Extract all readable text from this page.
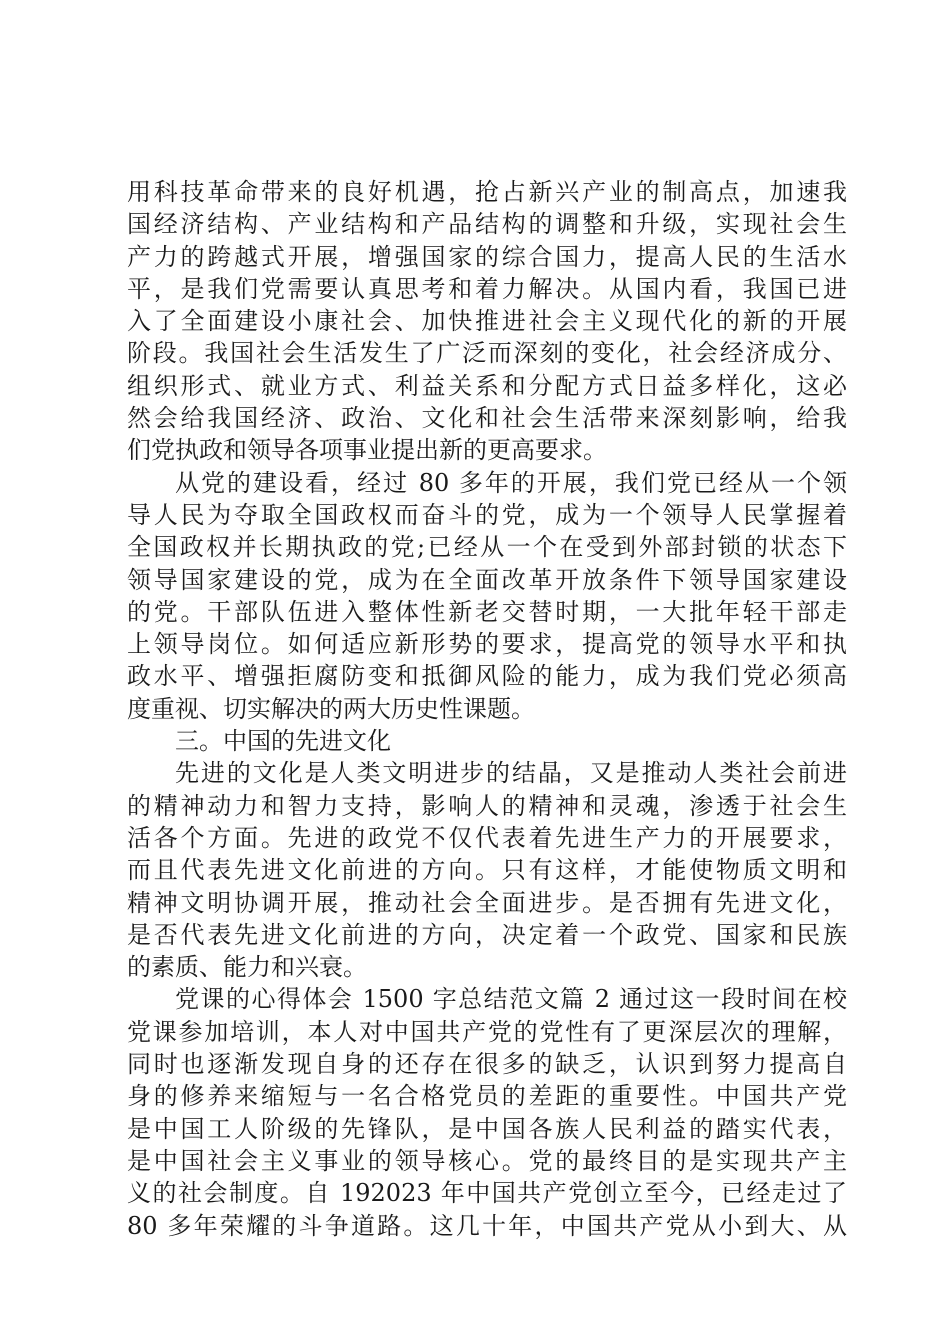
用科技革命带来的良好机遇，抢占新兴产业的制高点，加速我
国经济结构、产业结构和产品结构的调整和升级，实现社会生
产力的跨越式开展，增强国家的综合国力，提高人民的生活水
平，是我们党需要认真思考和着力解决。从国内看，我国已进
入了全面建设小康社会、加快推进社会主义现代化的新的开展
阶段。我国社会生活发生了广泛而深刻的变化，社会经济成分、
组织形式、就业方式、利益关系和分配方式日益多样化，这必
然会给我国经济、政治、文化和社会生活带来深刻影响，给我
们党执政和领导各项事业提出新的更高要求。
从党的建设看，经过 80 多年的开展，我们党已经从一个领
导人民为夺取全国政权而奋斗的党，成为一个领导人民掌握着
全国政权并长期执政的党;已经从一个在受到外部封锁的状态下
领导国家建设的党，成为在全面改革开放条件下领导国家建设
的党。干部队伍进入整体性新老交替时期，一大批年轻干部走
上领导岗位。如何适应新形势的要求，提高党的领导水平和执
政水平、增强拒腐防变和抵御风险的能力，成为我们党必须高
度重视、切实解决的两大历史性课题。
三。中国的先进文化
先进的文化是人类文明进步的结晶，又是推动人类社会前进
的精神动力和智力支持，影响人的精神和灵魂，渗透于社会生
活各个方面。先进的政党不仅代表着先进生产力的开展要求，
而且代表先进文化前进的方向。只有这样，才能使物质文明和
精神文明协调开展，推动社会全面进步。是否拥有先进文化，
是否代表先进文化前进的方向，决定着一个政党、国家和民族
的素质、能力和兴衰。
党课的心得体会 1500 字总结范文篇 2 通过这一段时间在校
党课参加培训，本人对中国共产党的党性有了更深层次的理解，
同时也逐渐发现自身的还存在很多的缺乏，认识到努力提高自
身的修养来缩短与一名合格党员的差距的重要性。中国共产党
是中国工人阶级的先锋队，是中国各族人民利益的踏实代表，
是中国社会主义事业的领导核心。党的最终目的是实现共产主
义的社会制度。自 192023 年中国共产党创立至今，已经走过了
80 多年荣耀的斗争道路。这几十年，中国共产党从小到大、从
